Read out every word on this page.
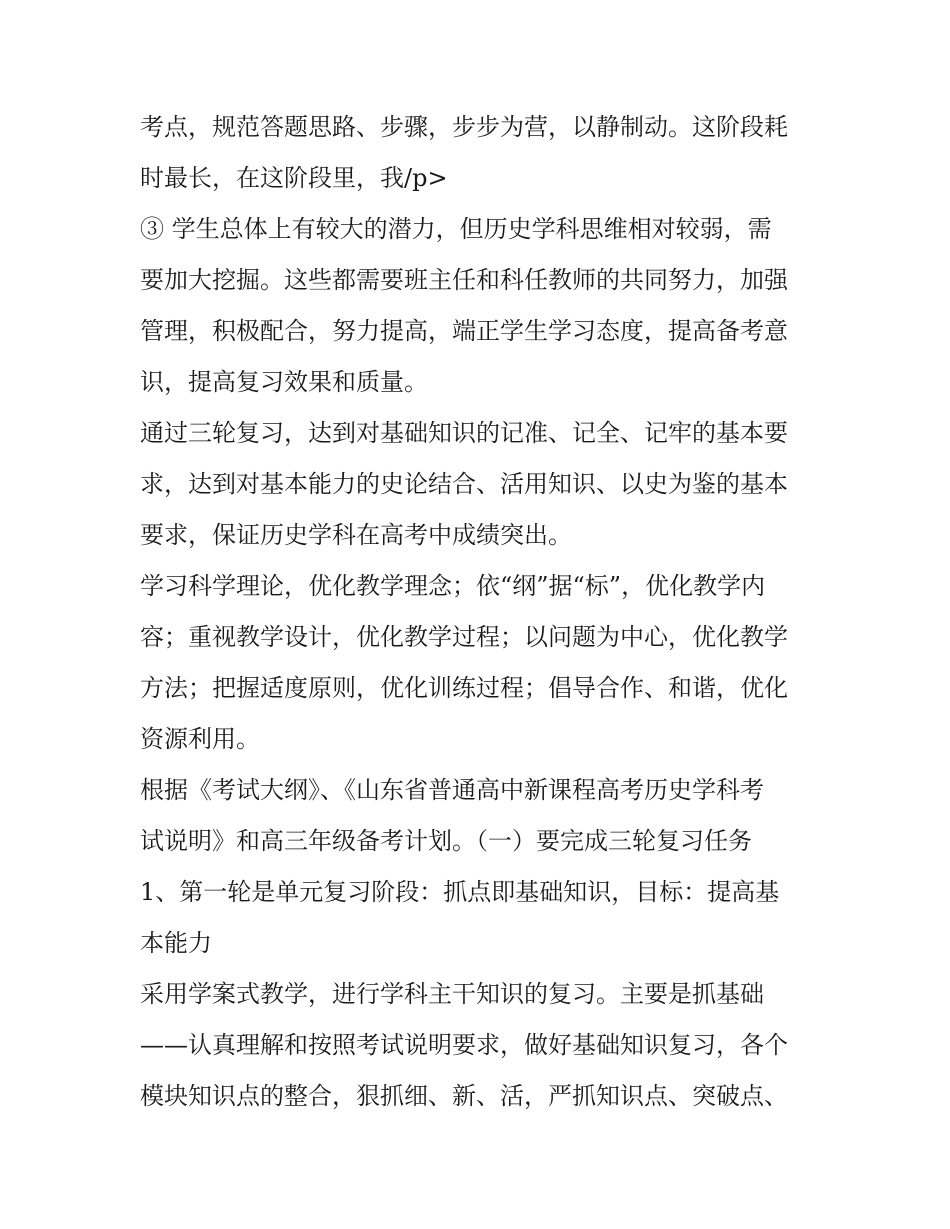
考点，规范答题思路、步骤，步步为营，以静制动。这阶段耗
时最长，在这阶段里，我/p>
③ 学生总体上有较大的潜力，但历史学科思维相对较弱，需
要加大挖掘。这些都需要班主任和科任教师的共同努力，加强
管理，积极配合，努力提高，端正学生学习态度，提高备考意
识，提高复习效果和质量。
通过三轮复习，达到对基础知识的记准、记全、记牢的基本要
求，达到对基本能力的史论结合、活用知识、以史为鉴的基本
要求，保证历史学科在高考中成绩突出。
学习科学理论，优化教学理念；依“纲”据“标”，优化教学内
容；重视教学设计，优化教学过程；以问题为中心，优化教学
方法；把握适度原则，优化训练过程；倡导合作、和谐，优化
资源利用。
根据《考试大纲》、《山东省普通高中新课程高考历史学科考
试说明》和高三年级备考计划。（一）要完成三轮复习任务
1、第一轮是单元复习阶段：抓点即基础知识，目标：提高基
本能力
采用学案式教学，进行学科主干知识的复习。主要是抓基础
——认真理解和按照考试说明要求，做好基础知识复习，各个
模块知识点的整合，狠抓细、新、活，严抓知识点、突破点、
